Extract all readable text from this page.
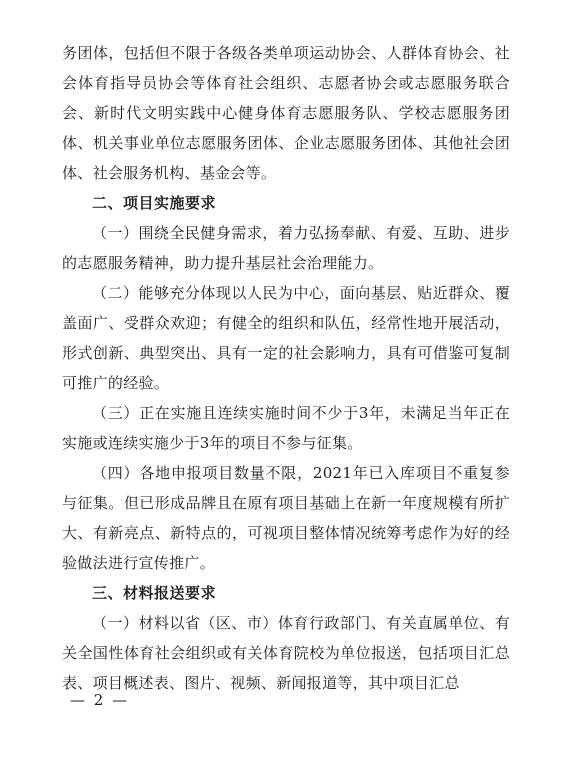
务团体，包括但不限于各级各类单项运动协会、人群体育协会、社会体育指导员协会等体育社会组织、志愿者协会或志愿服务联合会、新时代文明实践中心健身体育志愿服务队、学校志愿服务团体、机关事业单位志愿服务团体、企业志愿服务团体、其他社会团体、社会服务机构、基金会等。

二、项目实施要求

（一）围绕全民健身需求，着力弘扬奉献、有爱、互助、进步的志愿服务精神，助力提升基层社会治理能力。

（二）能够充分体现以人民为中心，面向基层、贴近群众、覆盖面广、受群众欢迎；有健全的组织和队伍，经常性地开展活动，形式创新、典型突出、具有一定的社会影响力，具有可借鉴可复制可推广的经验。

（三）正在实施且连续实施时间不少于3年，未满足当年正在实施或连续实施少于3年的项目不参与征集。

（四）各地申报项目数量不限，2021年已入库项目不重复参与征集。但已形成品牌且在原有项目基础上在新一年度规模有所扩大、有新亮点、新特点的，可视项目整体情况统筹考虑作为好的经验做法进行宣传推广。

三、材料报送要求

（一）材料以省（区、市）体育行政部门、有关直属单位、有关全国性体育社会组织或有关体育院校为单位报送，包括项目汇总表、项目概述表、图片、视频、新闻报道等，其中项目汇总

— 2 —
